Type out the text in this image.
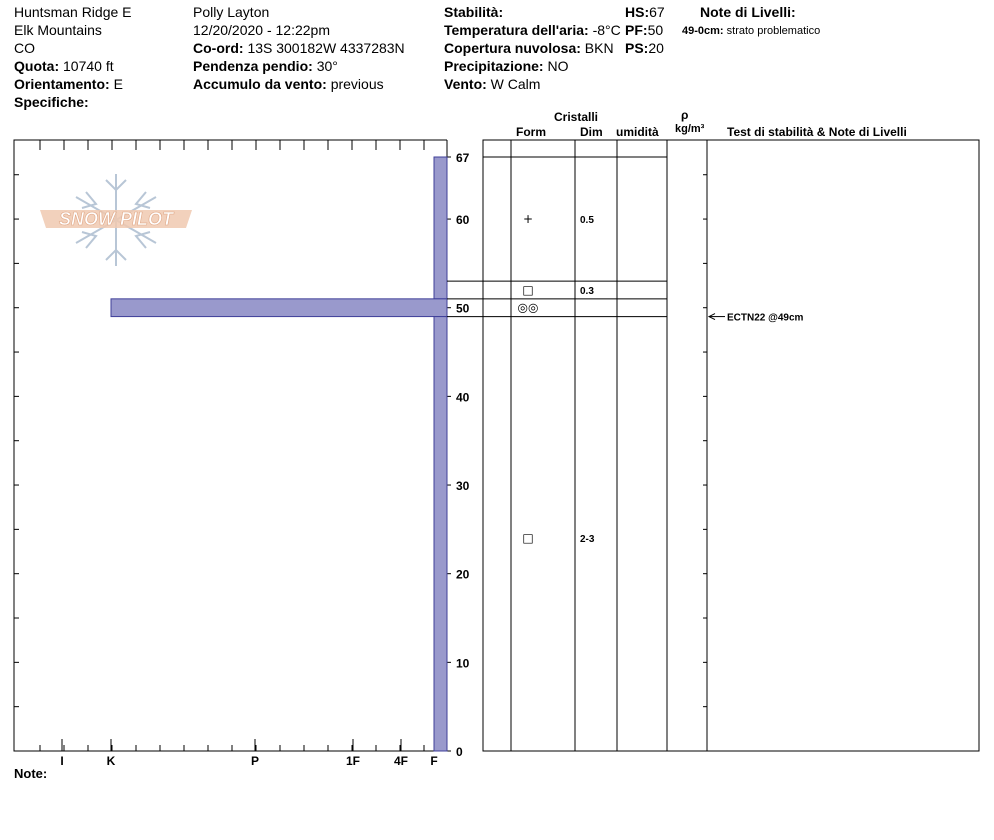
Huntsman Ridge E
Elk Mountains
CO
Quota: 10740 ft
Orientamento: E
Specifiche:
Polly Layton
12/20/2020 - 12:22pm
Co-ord: 13S 300182W 4337283N
Pendenza pendio: 30°
Accumulo da vento: previous
Stabilità:
Temperatura dell'aria: -8°C
Copertura nuvolosa: BKN
Precipitazione: NO
Vento: W Calm
HS:67
PF:50
PS:20
Note di Livelli:
49-0cm: strato problematico
Cristalli
Form	Dim umidità
ρ
kg/m³ Test di stabilità & Note di Livelli
SNOW PILOT
I	K	P	1F	4F F
0
10
20
30
40
50
60
67
+	0.5
□	0.3
◎◎
□	2-3
ECTN22 @49cm
Note:
